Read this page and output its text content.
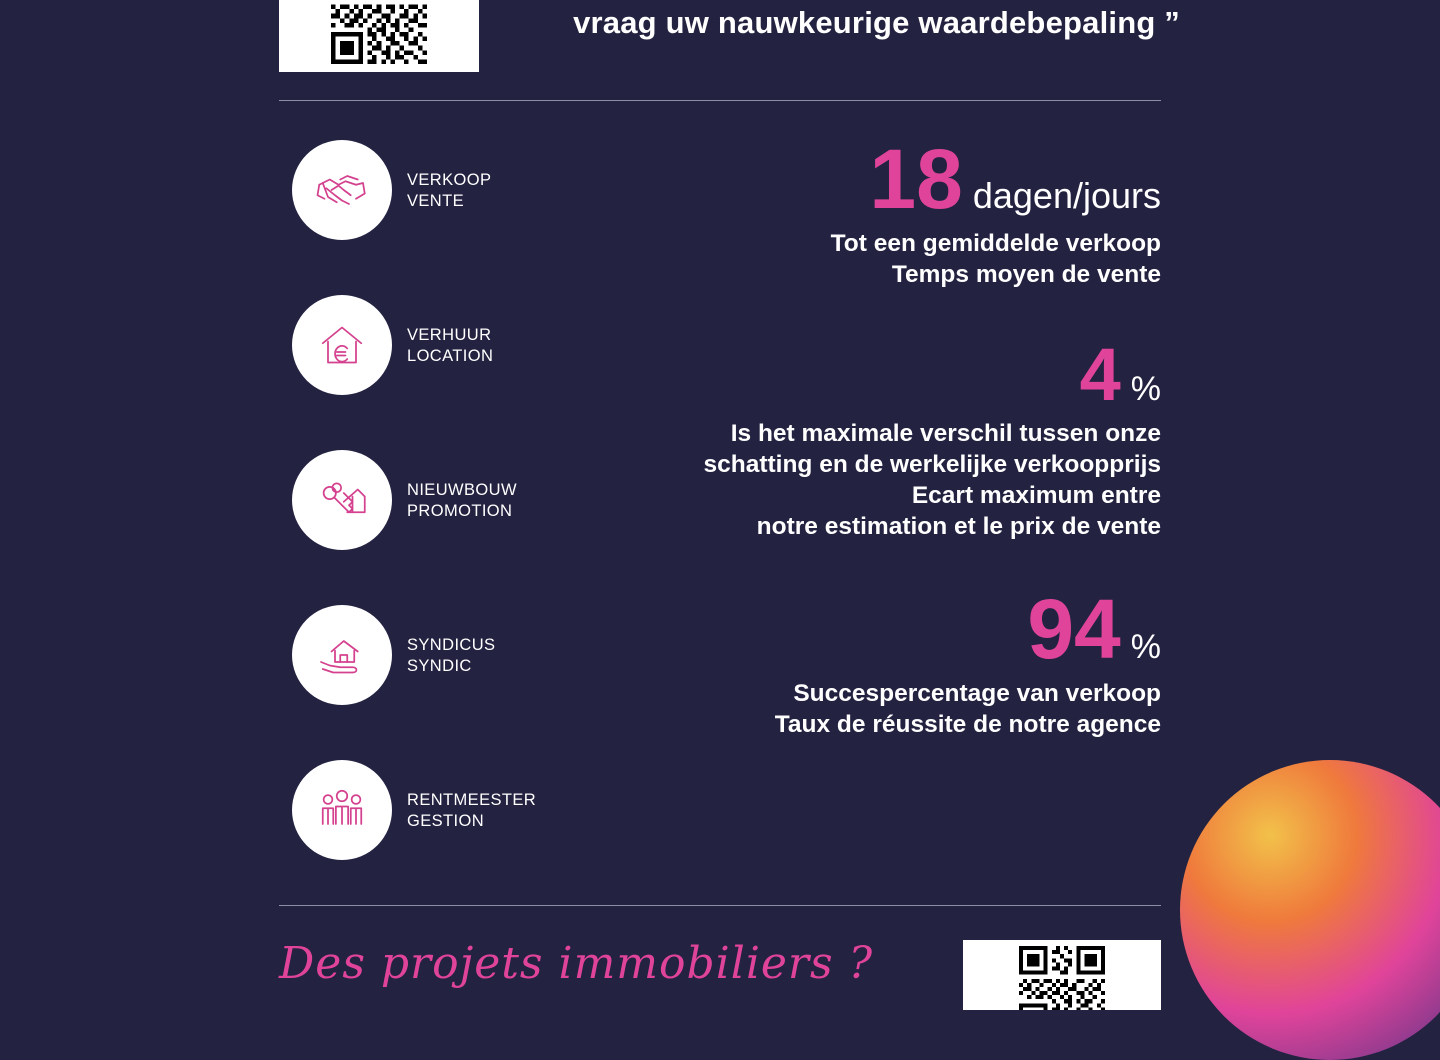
vraag uw nauwkeurige waardebepaling ”
VERKOOP
VENTE
VERHUUR
LOCATION
NIEUWBOUW
PROMOTION
SYNDICUS
SYNDIC
RENTMEESTER
GESTION
18 dagen/jours
Tot een gemiddelde verkoop
Temps moyen de vente
4 %
Is het maximale verschil tussen onze
schatting en de werkelijke verkoopprijs
Ecart maximum entre
notre estimation et le prix de vente
94 %
Succespercentage van verkoop
Taux de réussite de notre agence
Des projets immobiliers ?
